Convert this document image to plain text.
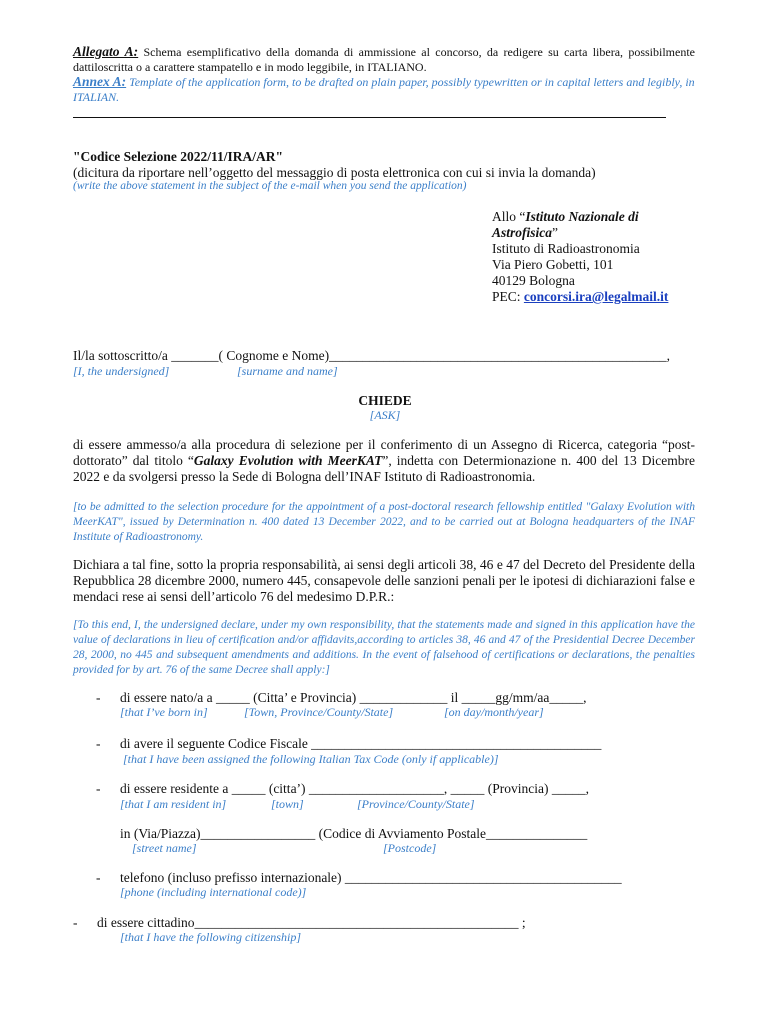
Allegato A: Schema esemplificativo della domanda di ammissione al concorso, da redigere su carta libera, possibilmente dattiloscritta o a carattere stampatello e in modo leggibile, in ITALIANO.
Annex A: Template of the application form, to be drafted on plain paper, possibly typewritten or in capital letters and legibly, in ITALIAN.
"Codice Selezione 2022/11/IRA/AR"
(dicitura da riportare nell’oggetto del messaggio di posta elettronica con cui si invia la domanda)
(write the above statement in the subject of the e-mail when you send the application)
Allo “Istituto Nazionale di Astrofisica”
Istituto di Radioastronomia
Via Piero Gobetti, 101
40129 Bologna
PEC: concorsi.ira@legalmail.it
Il/la sottoscritto/a _______( Cognome e Nome)__________________________________________________,
[I, the undersigned]	[surname and name]
CHIEDE
[ASK]
di essere ammesso/a alla procedura di selezione per il conferimento di un Assegno di Ricerca, categoria “post-dottorato” dal titolo “Galaxy Evolution with MeerKAT”, indetta con Determionazione n. 400 del 13 Dicembre 2022 e da svolgersi presso la Sede di Bologna dell’INAF Istituto di Radioastronomia.
[to be admitted to the selection procedure for the appointment of a post-doctoral research fellowship entitled "Galaxy Evolution with MeerKAT", issued by Determination n. 400 dated 13 December 2022, and to be carried out at Bologna headquarters of the INAF Institute of Radioastronomy.
Dichiara a tal fine, sotto la propria responsabilità, ai sensi degli articoli 38, 46 e 47 del Decreto del Presidente della Repubblica 28 dicembre 2000, numero 445, consapevole delle sanzioni penali per le ipotesi di dichiarazioni false e mendaci rese ai sensi dell’articolo 76 del medesimo D.P.R.:
[To this end, I, the undersigned declare, under my own responsibility, that the statements made and signed in this application have the value of declarations in lieu of certification and/or affidavits,according to articles 38, 46 and 47 of the Presidential Decree December 28, 2000, no 445 and subsequent amendments and additions. In the event of falsehood of certifications or declarations, the penalties provided for by art. 76 of the same Decree shall apply:]
- di essere nato/a a _____ (Citta’ e Provincia) _____________ il _____gg/mm/aa_____,
[that I’ve born in]	[Town, Province/County/State]	[on day/month/year]
- di avere il seguente Codice Fiscale ___________________________________________
[that I have been assigned the following Italian Tax Code (only if applicable)]
- di essere residente a _____ (citta’) ____________________, _____ (Provincia) _____,
[that I am resident in]	[town]	[Province/County/State]
in (Via/Piazza)_________________ (Codice di Avviamento Postale_______________
[street name]	[Postcode]
- telefono (incluso prefisso internazionale) _________________________________________
[phone (including international code)]
- di essere cittadino________________________________________________ ;
[that I have the following citizenship]
